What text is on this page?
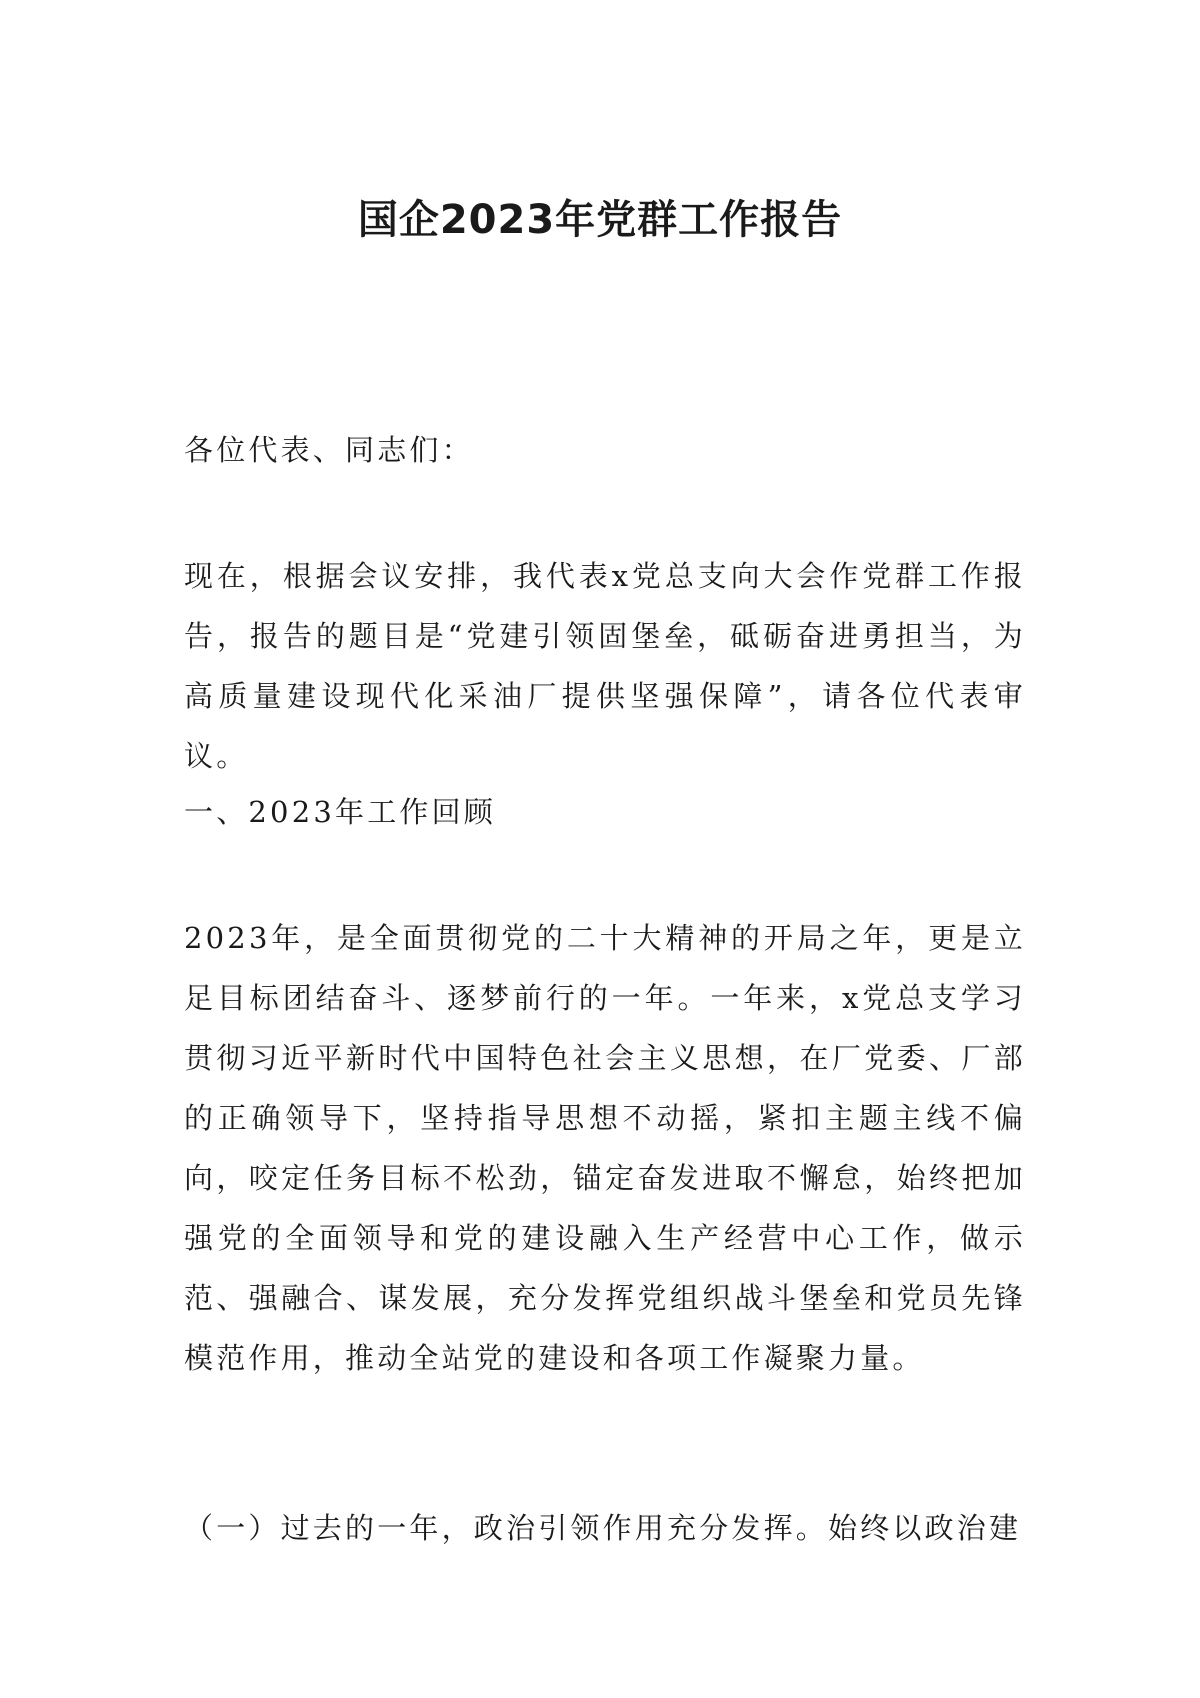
国企2023年党群工作报告

各位代表、同志们：

现在，根据会议安排，我代表x党总支向大会作党群工作报告，报告的题目是“党建引领固堡垒，砥砺奋进勇担当，为高质量建设现代化采油厂提供坚强保障”，请各位代表审议。

一、2023年工作回顾

2023年，是全面贯彻党的二十大精神的开局之年，更是立足目标团结奋斗、逐梦前行的一年。一年来，x党总支学习贯彻习近平新时代中国特色社会主义思想，在厂党委、厂部的正确领导下，坚持指导思想不动摇，紧扣主题主线不偏向，咬定任务目标不松劲，锚定奋发进取不懈怠，始终把加强党的全面领导和党的建设融入生产经营中心工作，做示范、强融合、谋发展，充分发挥党组织战斗堡垒和党员先锋模范作用，推动全站党的建设和各项工作凝聚力量。

（一）过去的一年，政治引领作用充分发挥。始终以政治建
